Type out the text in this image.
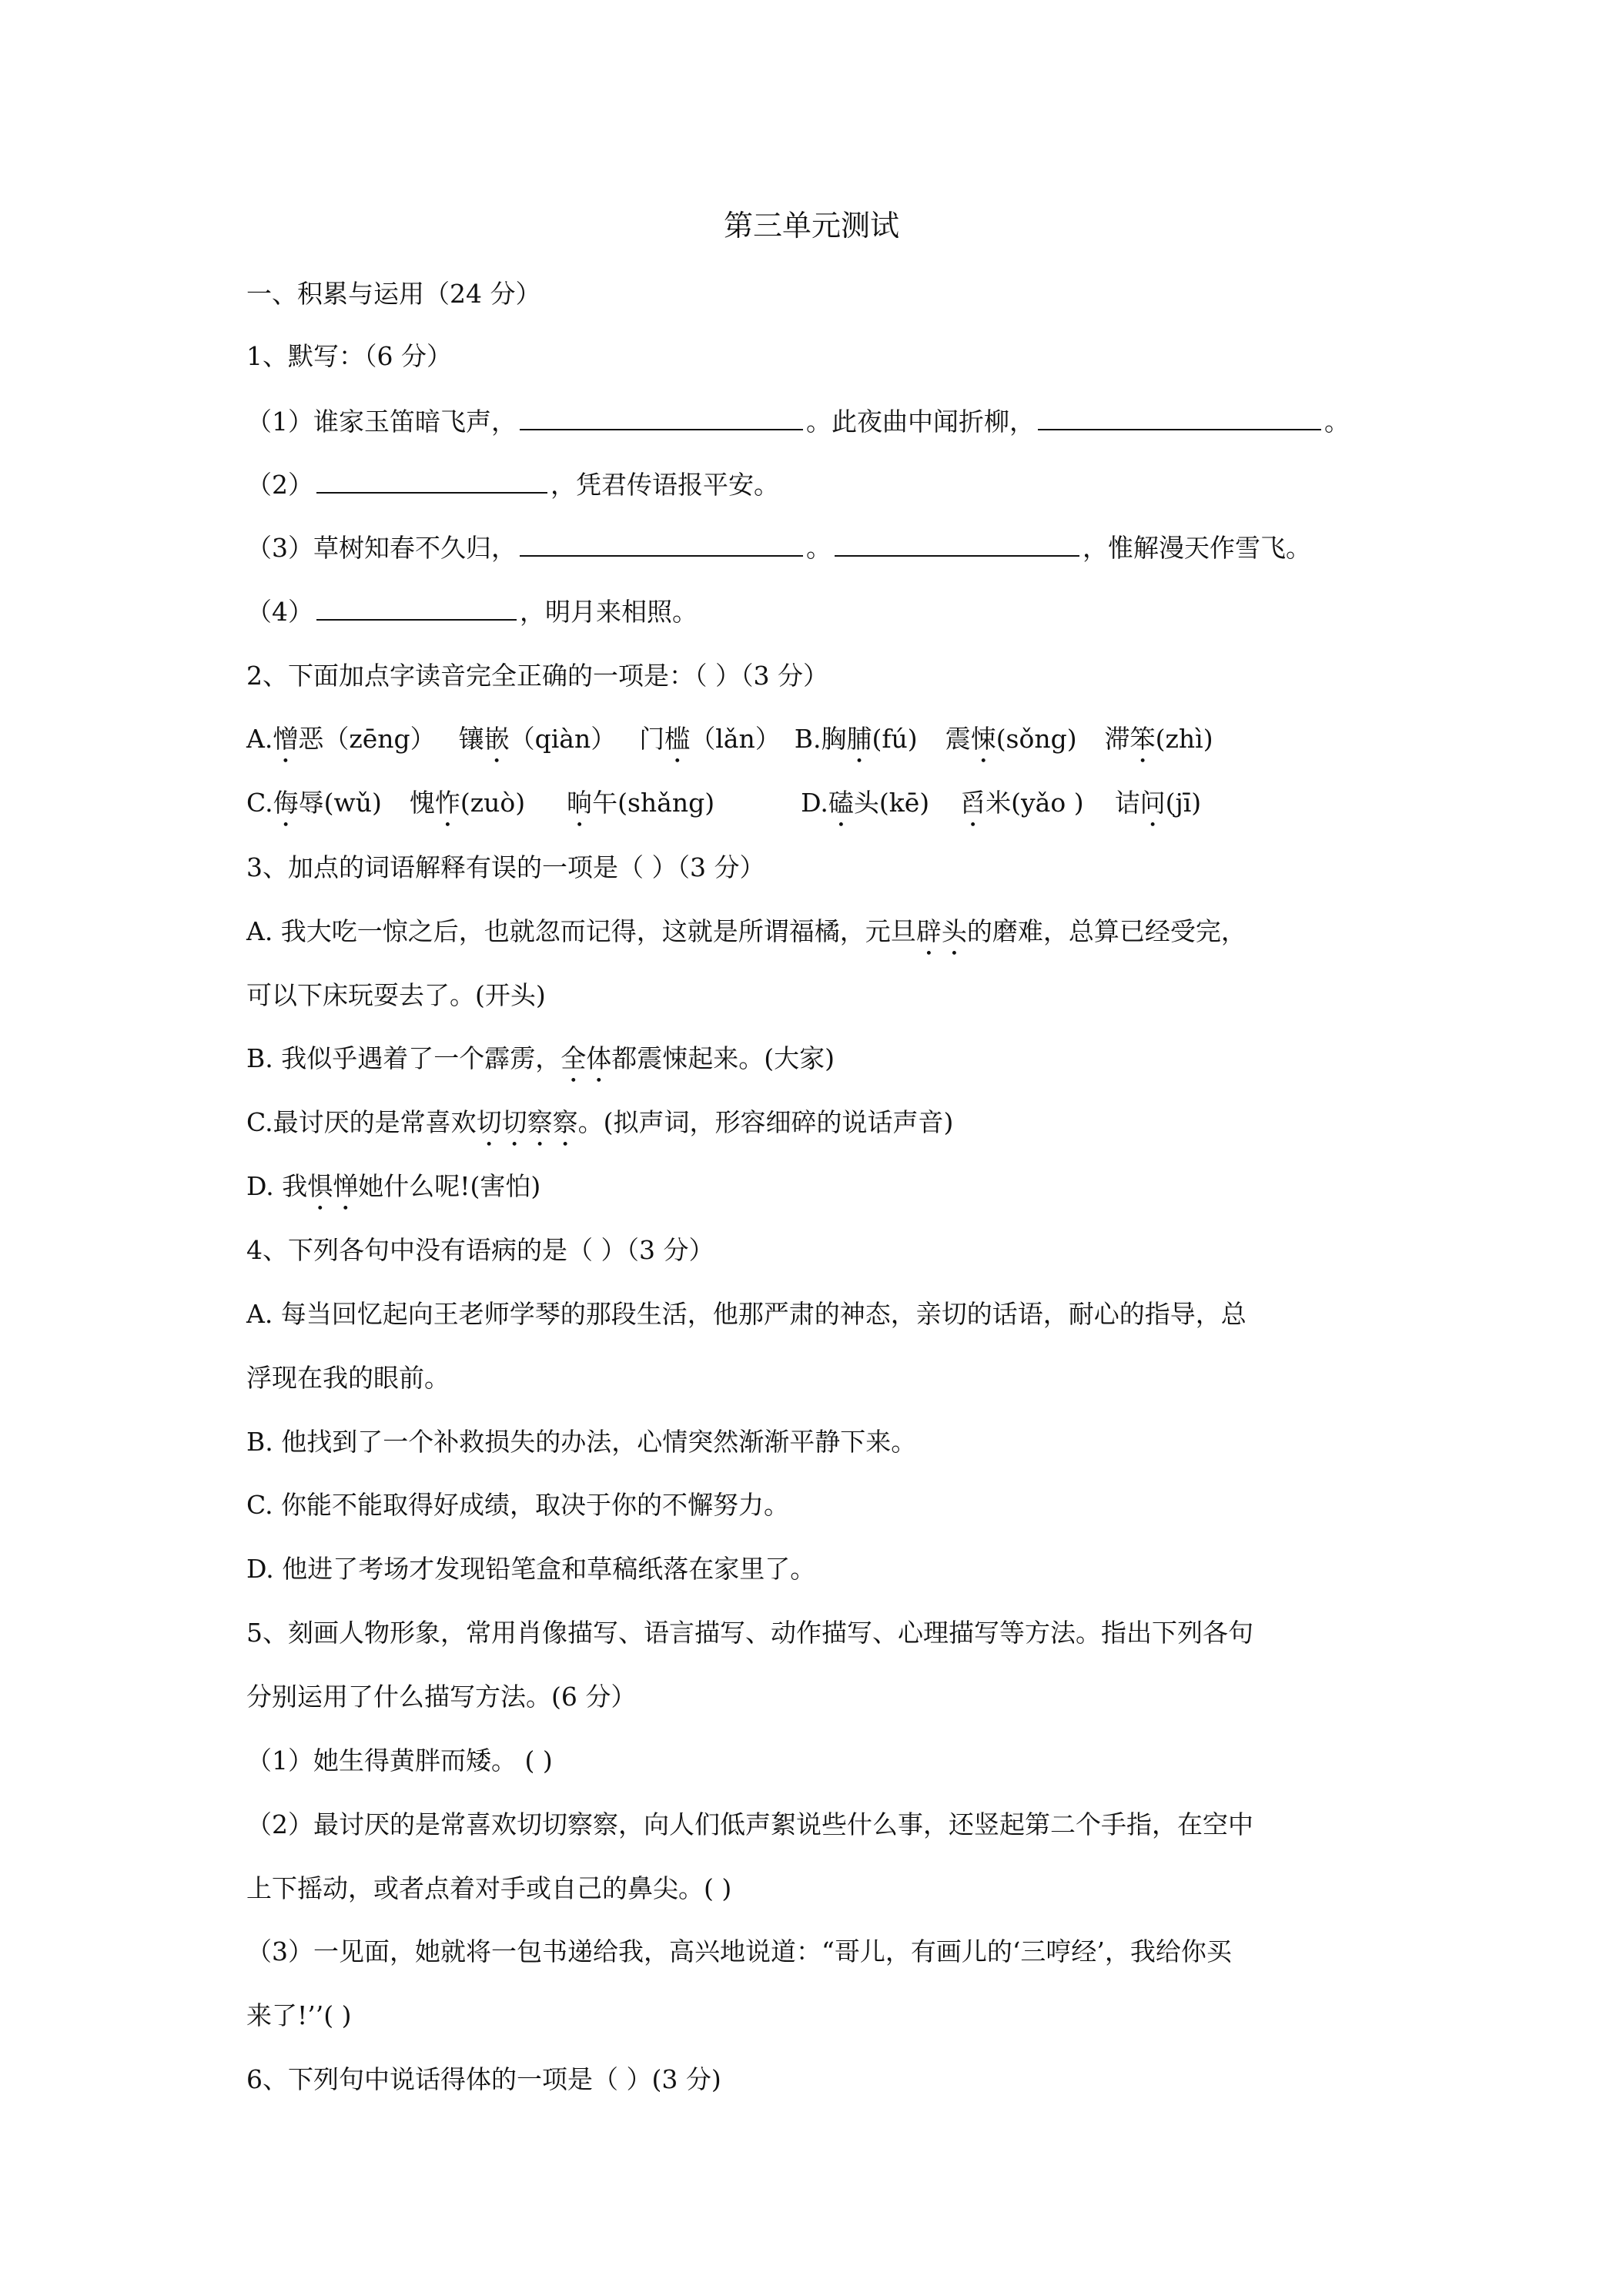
第三单元测试
一、积累与运用（24 分）
1、默写：（6 分）
（1）谁家玉笛暗飞声，	。此夜曲中闻折柳，	。
（2）	，凭君传语报平安。
（3）草树知春不久归，	。	，惟解漫天作雪飞。
（4）	，明月来相照。
2、下面加点字读音完全正确的一项是：（ ）（3 分）
A.憎恶（zēng） 镶嵌（qiàn） 门槛（lǎn） B.胸脯(fú) 震悚(sǒng) 滞笨(zhì)
C.侮辱(wǔ) 愧怍(zuò) 晌午(shǎng)	D.磕头(kē) 舀米(yǎo ) 诘问(jī)
3、加点的词语解释有误的一项是（ ）（3 分）
A. 我大吃一惊之后，也就忽而记得，这就是所谓福橘，元旦辟头的磨难，总算已经受完，
可以下床玩耍去了。(开头)
B. 我似乎遇着了一个霹雳，全体都震悚起来。(大家)
C.最讨厌的是常喜欢切切察察。(拟声词，形容细碎的说话声音)
D. 我惧惮她什么呢!(害怕)
4、下列各句中没有语病的是（ ）（3 分）
A. 每当回忆起向王老师学琴的那段生活，他那严肃的神态，亲切的话语，耐心的指导，总
浮现在我的眼前。
B. 他找到了一个补救损失的办法，心情突然渐渐平静下来。
C. 你能不能取得好成绩，取决于你的不懈努力。
D. 他进了考场才发现铅笔盒和草稿纸落在家里了。
5、刻画人物形象，常用肖像描写、语言描写、动作描写、心理描写等方法。指出下列各句
分别运用了什么描写方法。(6 分）
（1）她生得黄胖而矮。 ( )
（2）最讨厌的是常喜欢切切察察，向人们低声絮说些什么事，还竖起第二个手指，在空中
上下摇动，或者点着对手或自己的鼻尖。( )
（3）一见面，她就将一包书递给我，高兴地说道：“哥儿，有画儿的‘三哼经’，我给你买
来了!’’( )
6、下列句中说话得体的一项是（ ）(3 分)
